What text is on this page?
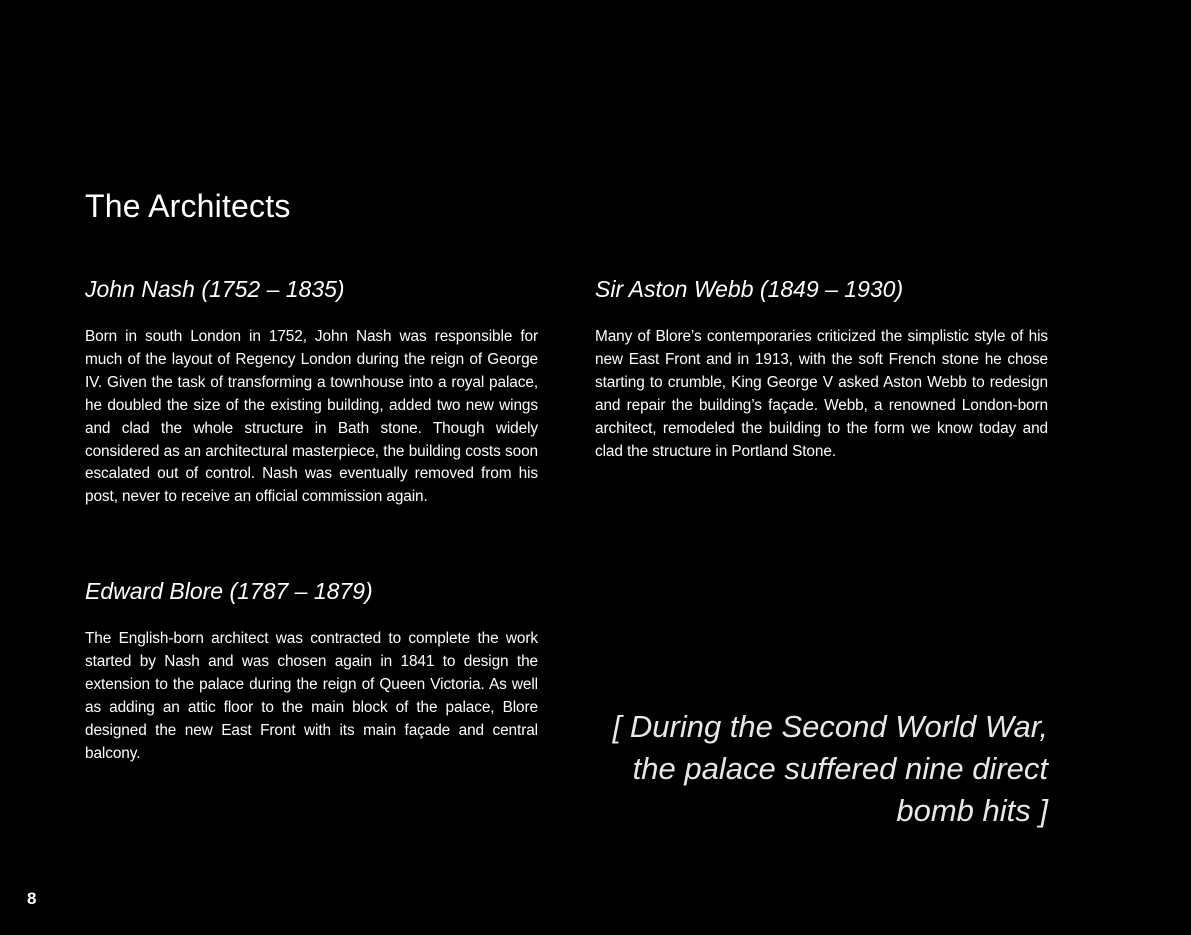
The Architects
John Nash (1752 – 1835)

Born in south London in 1752, John Nash was responsible for much of the layout of Regency London during the reign of George IV. Given the task of transforming a townhouse into a royal palace, he doubled the size of the existing building, added two new wings and clad the whole structure in Bath stone. Though widely considered as an architectural masterpiece, the building costs soon escalated out of control. Nash was eventually removed from his post, never to receive an official commission again.

Sir Aston Webb (1849 – 1930)

Many of Blore’s contemporaries criticized the simplistic style of his new East Front and in 1913, with the soft French stone he chose starting to crumble, King George V asked Aston Webb to redesign and repair the building’s façade. Webb, a renowned London-born architect, remodeled the building to the form we know today and clad the structure in Portland Stone.

Edward Blore (1787 – 1879)

The English-born architect was contracted to complete the work started by Nash and was chosen again in 1841 to design the extension to the palace during the reign of Queen Victoria. As well as adding an attic floor to the main block of the palace, Blore designed the new East Front with its main façade and central balcony.

[ During the Second World War, the palace suffered nine direct bomb hits ]

8
